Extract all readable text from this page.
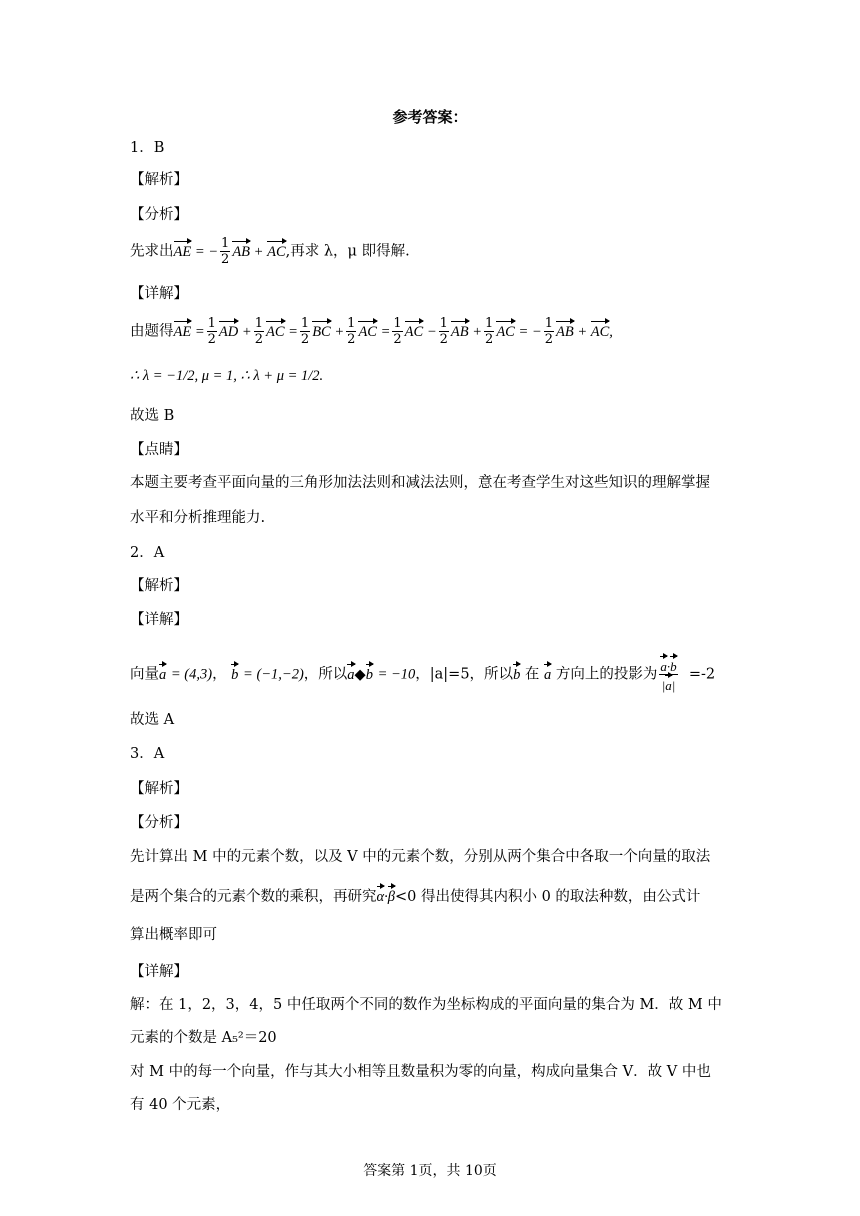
参考答案：
1．B
【解析】
【分析】
先求出AE = − $\frac{1}{2}$ AB + AC,再求 λ，μ 即得解.
【详解】
由题得AE = $\frac{1}{2}$ AD + $\frac{1}{2}$ AC = $\frac{1}{2}$ BC + $\frac{1}{2}$ AC = $\frac{1}{2}$ AC − $\frac{1}{2}$ AB + $\frac{1}{2}$ AC = − $\frac{1}{2}$ AB + AC,
∴ λ = −1/2, μ = 1, ∴ λ + μ = 1/2.
故选 B
【点睛】
本题主要考查平面向量的三角形加法法则和减法法则，意在考查学生对这些知识的理解掌握
水平和分析推理能力.
2．A
【解析】
【详解】
向量a = (4,3)， b = (−1,−2)，所以a◆b = −10，|a|=5，所以b 在 a 方向上的投影为 $\frac{a\cdot b}{|a|} =-2$
故选 A
3．A
【解析】
【分析】
先计算出 M 中的元素个数，以及 V 中的元素个数，分别从两个集合中各取一个向量的取法
是两个集合的元素个数的乘积，再研究α·β<0 得出使得其内积小 0 的取法种数，由公式计
算出概率即可
【详解】
解：在 1，2，3，4，5 中任取两个不同的数作为坐标构成的平面向量的集合为 M．故 M 中
元素的个数是 A₅²＝20
对 M 中的每一个向量，作与其大小相等且数量积为零的向量，构成向量集合 V．故 V 中也
有 40 个元素，
答案第 1页，共 10页
